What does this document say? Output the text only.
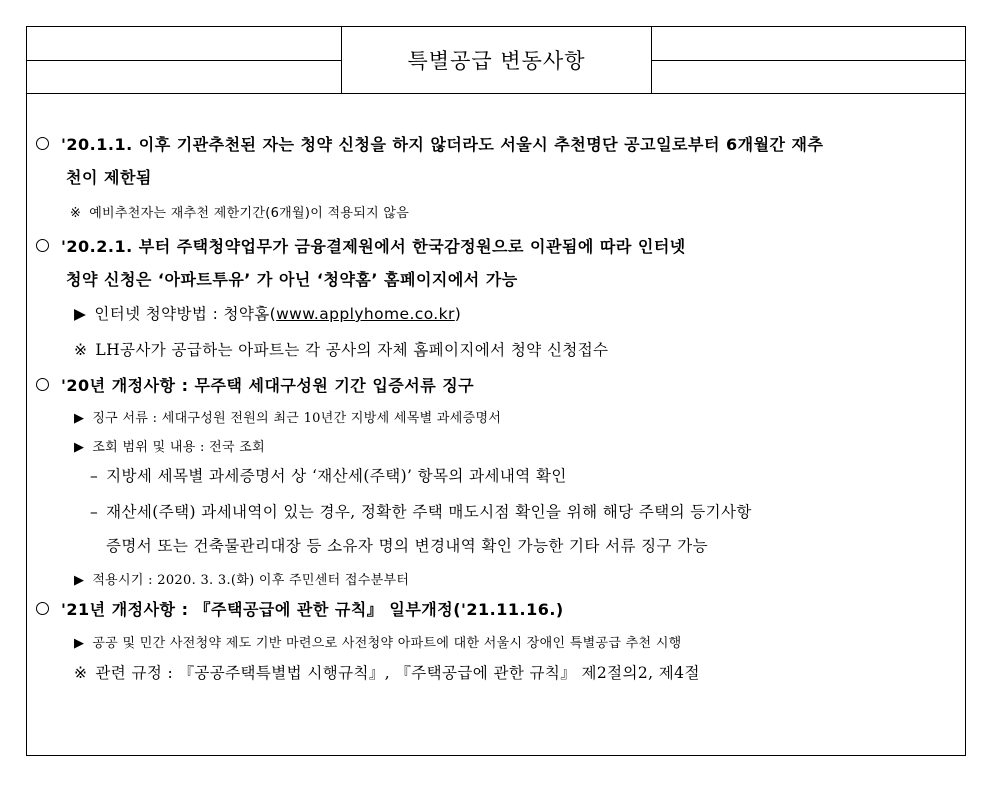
특별공급 변동사항
'20.1.1. 이후 기관추천된 자는 청약 신청을 하지 않더라도 서울시 추천명단 공고일로부터 6개월간 재추
천이 제한됨
※ 예비추천자는 재추천 제한기간(6개월)이 적용되지 않음
'20.2.1. 부터 주택청약업무가 금융결제원에서 한국감정원으로 이관됨에 따라 인터넷
청약 신청은 ‘아파트투유’ 가 아닌 ‘청약홈’ 홈페이지에서 가능
▶ 인터넷 청약방법 : 청약홈(www.applyhome.co.kr)
※ LH공사가 공급하는 아파트는 각 공사의 자체 홈페이지에서 청약 신청접수
'20년 개정사항 : 무주택 세대구성원 기간 입증서류 징구
▶ 징구 서류 : 세대구성원 전원의 최근 10년간 지방세 세목별 과세증명서
▶ 조회 범위 및 내용 : 전국 조회
– 지방세 세목별 과세증명서 상 ‘재산세(주택)’ 항목의 과세내역 확인
– 재산세(주택) 과세내역이 있는 경우, 정확한 주택 매도시점 확인을 위해 해당 주택의 등기사항
증명서 또는 건축물관리대장 등 소유자 명의 변경내역 확인 가능한 기타 서류 징구 가능
▶ 적용시기 : 2020. 3. 3.(화) 이후 주민센터 접수분부터
'21년 개정사항 : 『주택공급에 관한 규칙』 일부개정('21.11.16.)
▶ 공공 및 민간 사전청약 제도 기반 마련으로 사전청약 아파트에 대한 서울시 장애인 특별공급 추천 시행
※ 관련 규정 : 『공공주택특별법 시행규칙』, 『주택공급에 관한 규칙』 제2절의2, 제4절
